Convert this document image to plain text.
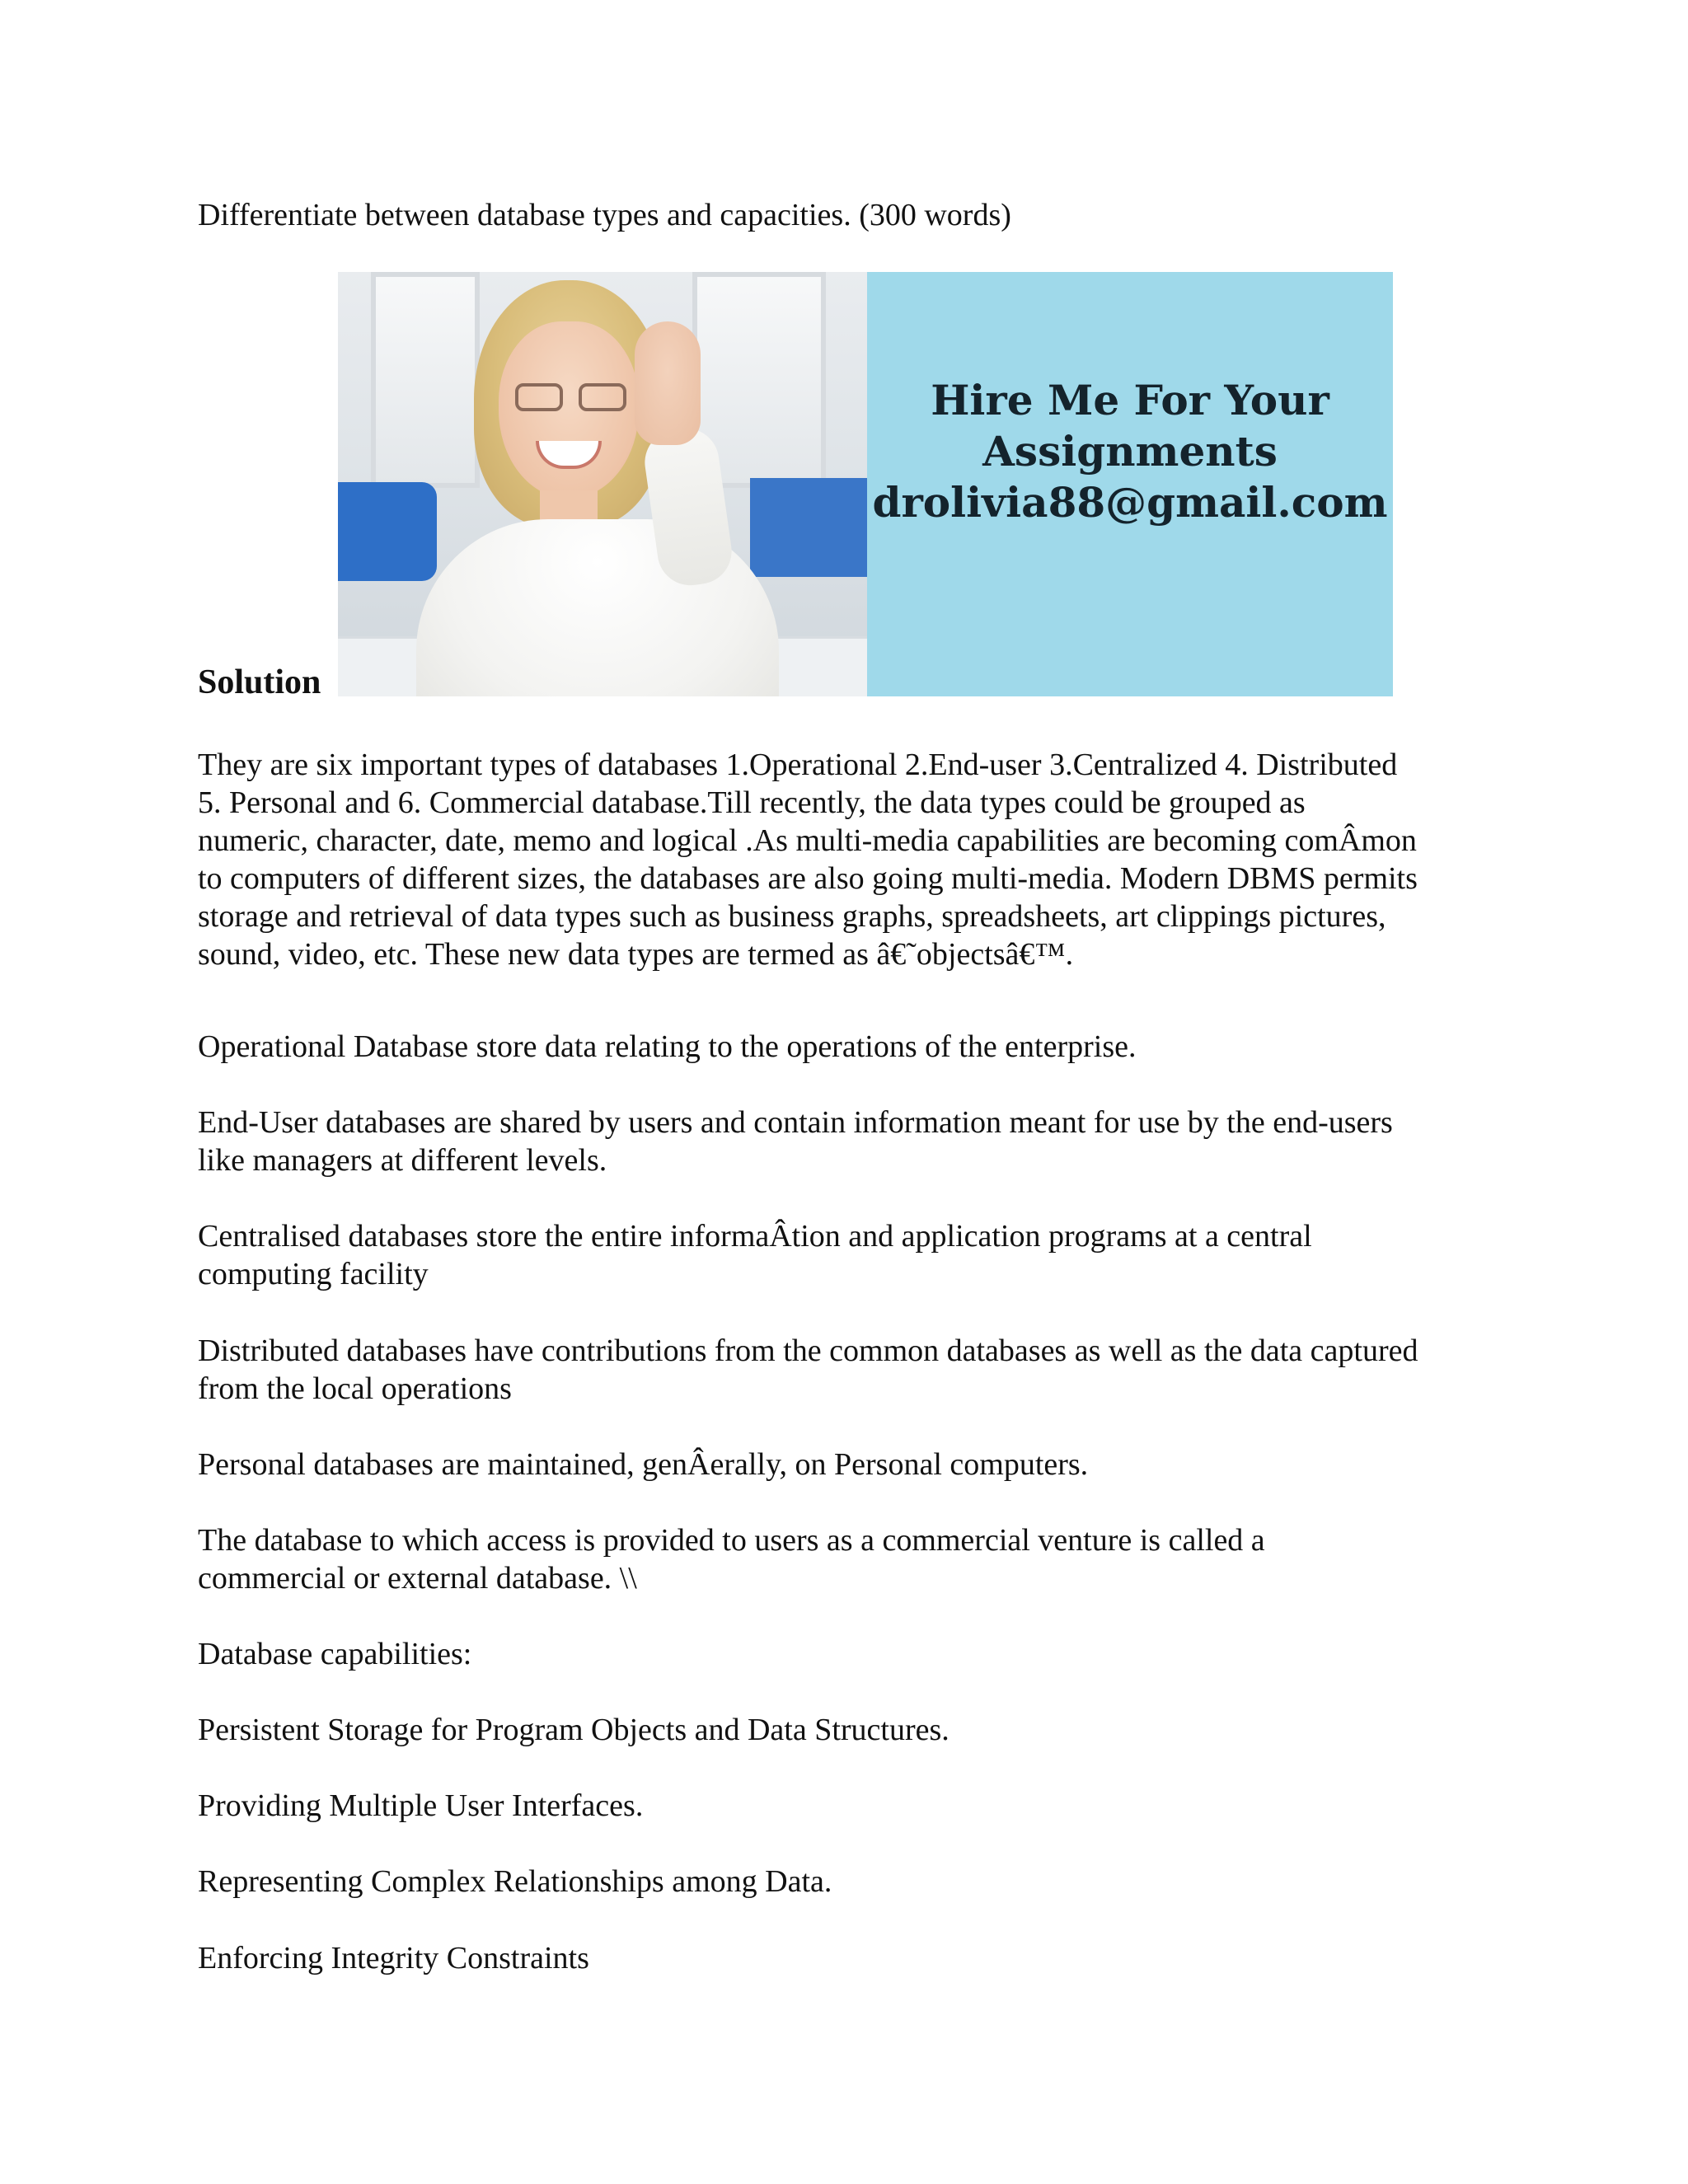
Differentiate between database types and capacities. (300 words)

Hire Me For Your
Assignments
drolivia88@gmail.com

Solution

They are six important types of databases 1.Operational 2.End-user 3.Centralized 4. Distributed
5. Personal and 6. Commercial database.Till recently, the data types could be grouped as
numeric, character, date, memo and logical .As multi-media capabilities are becoming comÂmon
to computers of different sizes, the databases are also going multi-media. Modern DBMS permits
storage and retrieval of data types such as business graphs, spreadsheets, art clippings pictures,
sound, video, etc. These new data types are termed as â€˜objectsâ€™.

Operational Database store data relating to the operations of the enterprise.

End-User databases are shared by users and contain information meant for use by the end-users
like managers at different levels.

Centralised databases store the entire informaÂtion and application programs at a central
computing facility

Distributed databases have contributions from the common databases as well as the data captured
from the local operations

Personal databases are maintained, genÂerally, on Personal computers.

The database to which access is provided to users as a commercial venture is called a
commercial or external database. \\

Database capabilities:

Persistent Storage for Program Objects and Data Structures.

Providing Multiple User Interfaces.

Representing Complex Relationships among Data.

Enforcing Integrity Constraints
